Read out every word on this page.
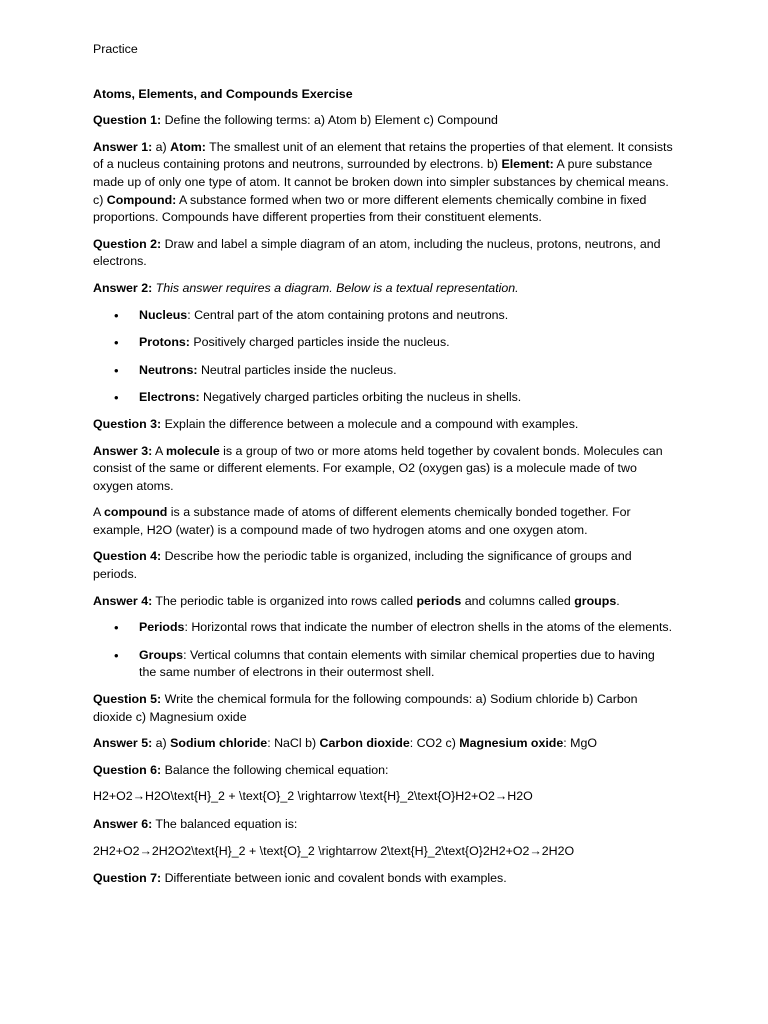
Practice

Atoms, Elements, and Compounds Exercise

Question 1: Define the following terms: a) Atom b) Element c) Compound

Answer 1: a) Atom: The smallest unit of an element that retains the properties of that element. It consists of a nucleus containing protons and neutrons, surrounded by electrons. b) Element: A pure substance made up of only one type of atom. It cannot be broken down into simpler substances by chemical means. c) Compound: A substance formed when two or more different elements chemically combine in fixed proportions. Compounds have different properties from their constituent elements.

Question 2: Draw and label a simple diagram of an atom, including the nucleus, protons, neutrons, and electrons.

Answer 2: This answer requires a diagram. Below is a textual representation.

• Nucleus: Central part of the atom containing protons and neutrons.
• Protons: Positively charged particles inside the nucleus.
• Neutrons: Neutral particles inside the nucleus.
• Electrons: Negatively charged particles orbiting the nucleus in shells.

Question 3: Explain the difference between a molecule and a compound with examples.

Answer 3: A molecule is a group of two or more atoms held together by covalent bonds. Molecules can consist of the same or different elements. For example, O2 (oxygen gas) is a molecule made of two oxygen atoms.

A compound is a substance made of atoms of different elements chemically bonded together. For example, H2O (water) is a compound made of two hydrogen atoms and one oxygen atom.

Question 4: Describe how the periodic table is organized, including the significance of groups and periods.

Answer 4: The periodic table is organized into rows called periods and columns called groups.

• Periods: Horizontal rows that indicate the number of electron shells in the atoms of the elements.
• Groups: Vertical columns that contain elements with similar chemical properties due to having the same number of electrons in their outermost shell.

Question 5: Write the chemical formula for the following compounds: a) Sodium chloride b) Carbon dioxide c) Magnesium oxide

Answer 5: a) Sodium chloride: NaCl b) Carbon dioxide: CO2 c) Magnesium oxide: MgO

Question 6: Balance the following chemical equation:

H2+O2→H2O\text{H}_2 + \text{O}_2 \rightarrow \text{H}_2\text{O}H2+O2→H2O

Answer 6: The balanced equation is:

2H2+O2→2H2O2\text{H}_2 + \text{O}_2 \rightarrow 2\text{H}_2\text{O}2H2+O2→2H2O

Question 7: Differentiate between ionic and covalent bonds with examples.
